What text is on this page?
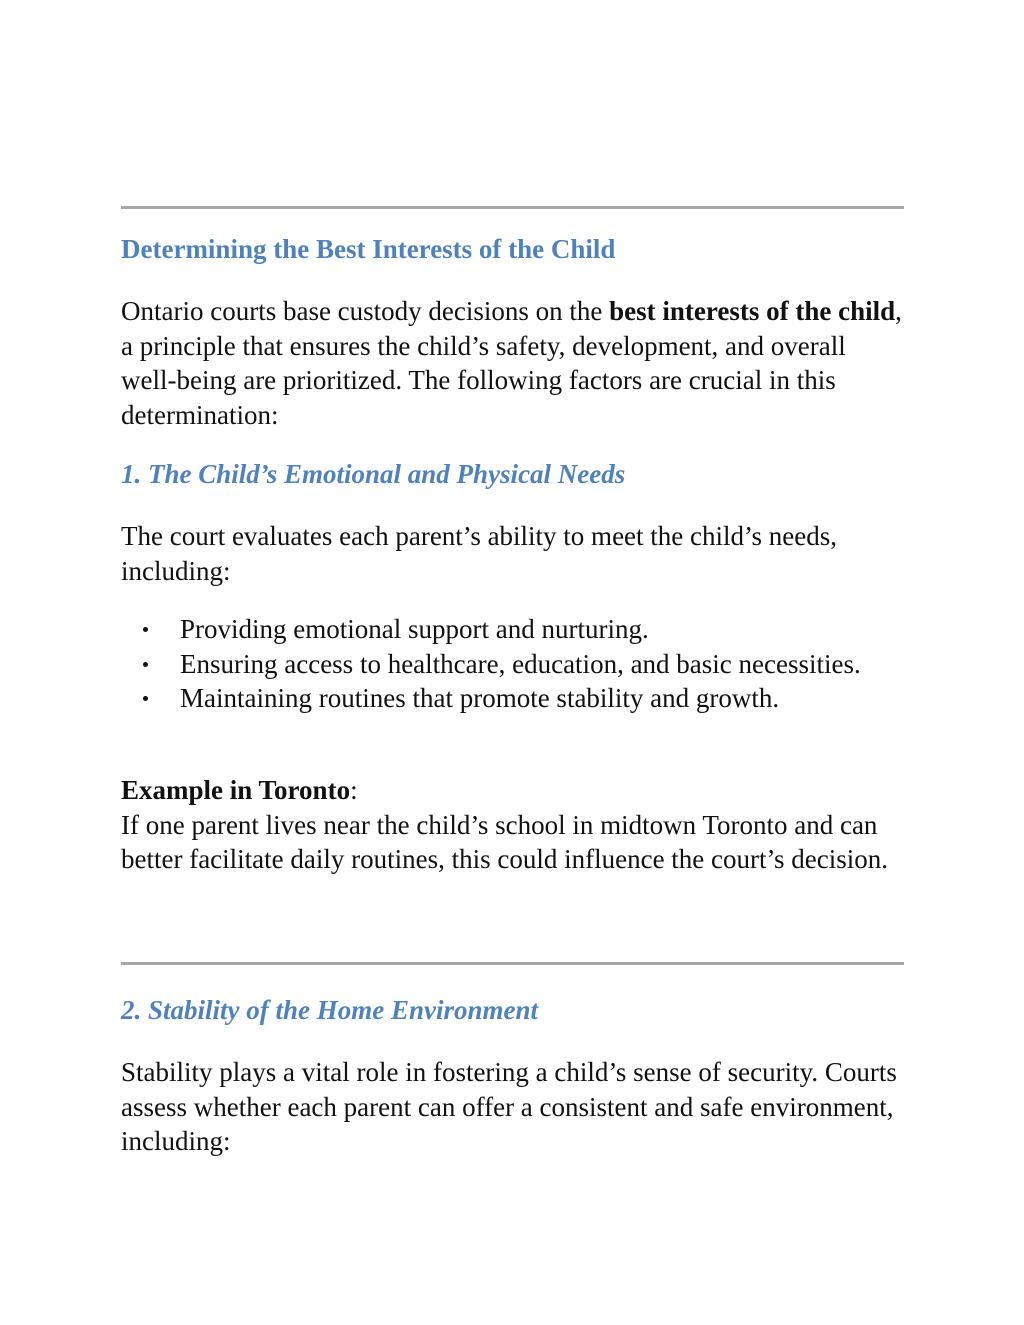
Determining the Best Interests of the Child

Ontario courts base custody decisions on the best interests of the child, a principle that ensures the child’s safety, development, and overall well-being are prioritized. The following factors are crucial in this determination:

1. The Child’s Emotional and Physical Needs

The court evaluates each parent’s ability to meet the child’s needs, including:

Providing emotional support and nurturing.
Ensuring access to healthcare, education, and basic necessities.
Maintaining routines that promote stability and growth.

Example in Toronto:
If one parent lives near the child’s school in midtown Toronto and can better facilitate daily routines, this could influence the court’s decision.

2. Stability of the Home Environment

Stability plays a vital role in fostering a child’s sense of security. Courts assess whether each parent can offer a consistent and safe environment, including:
